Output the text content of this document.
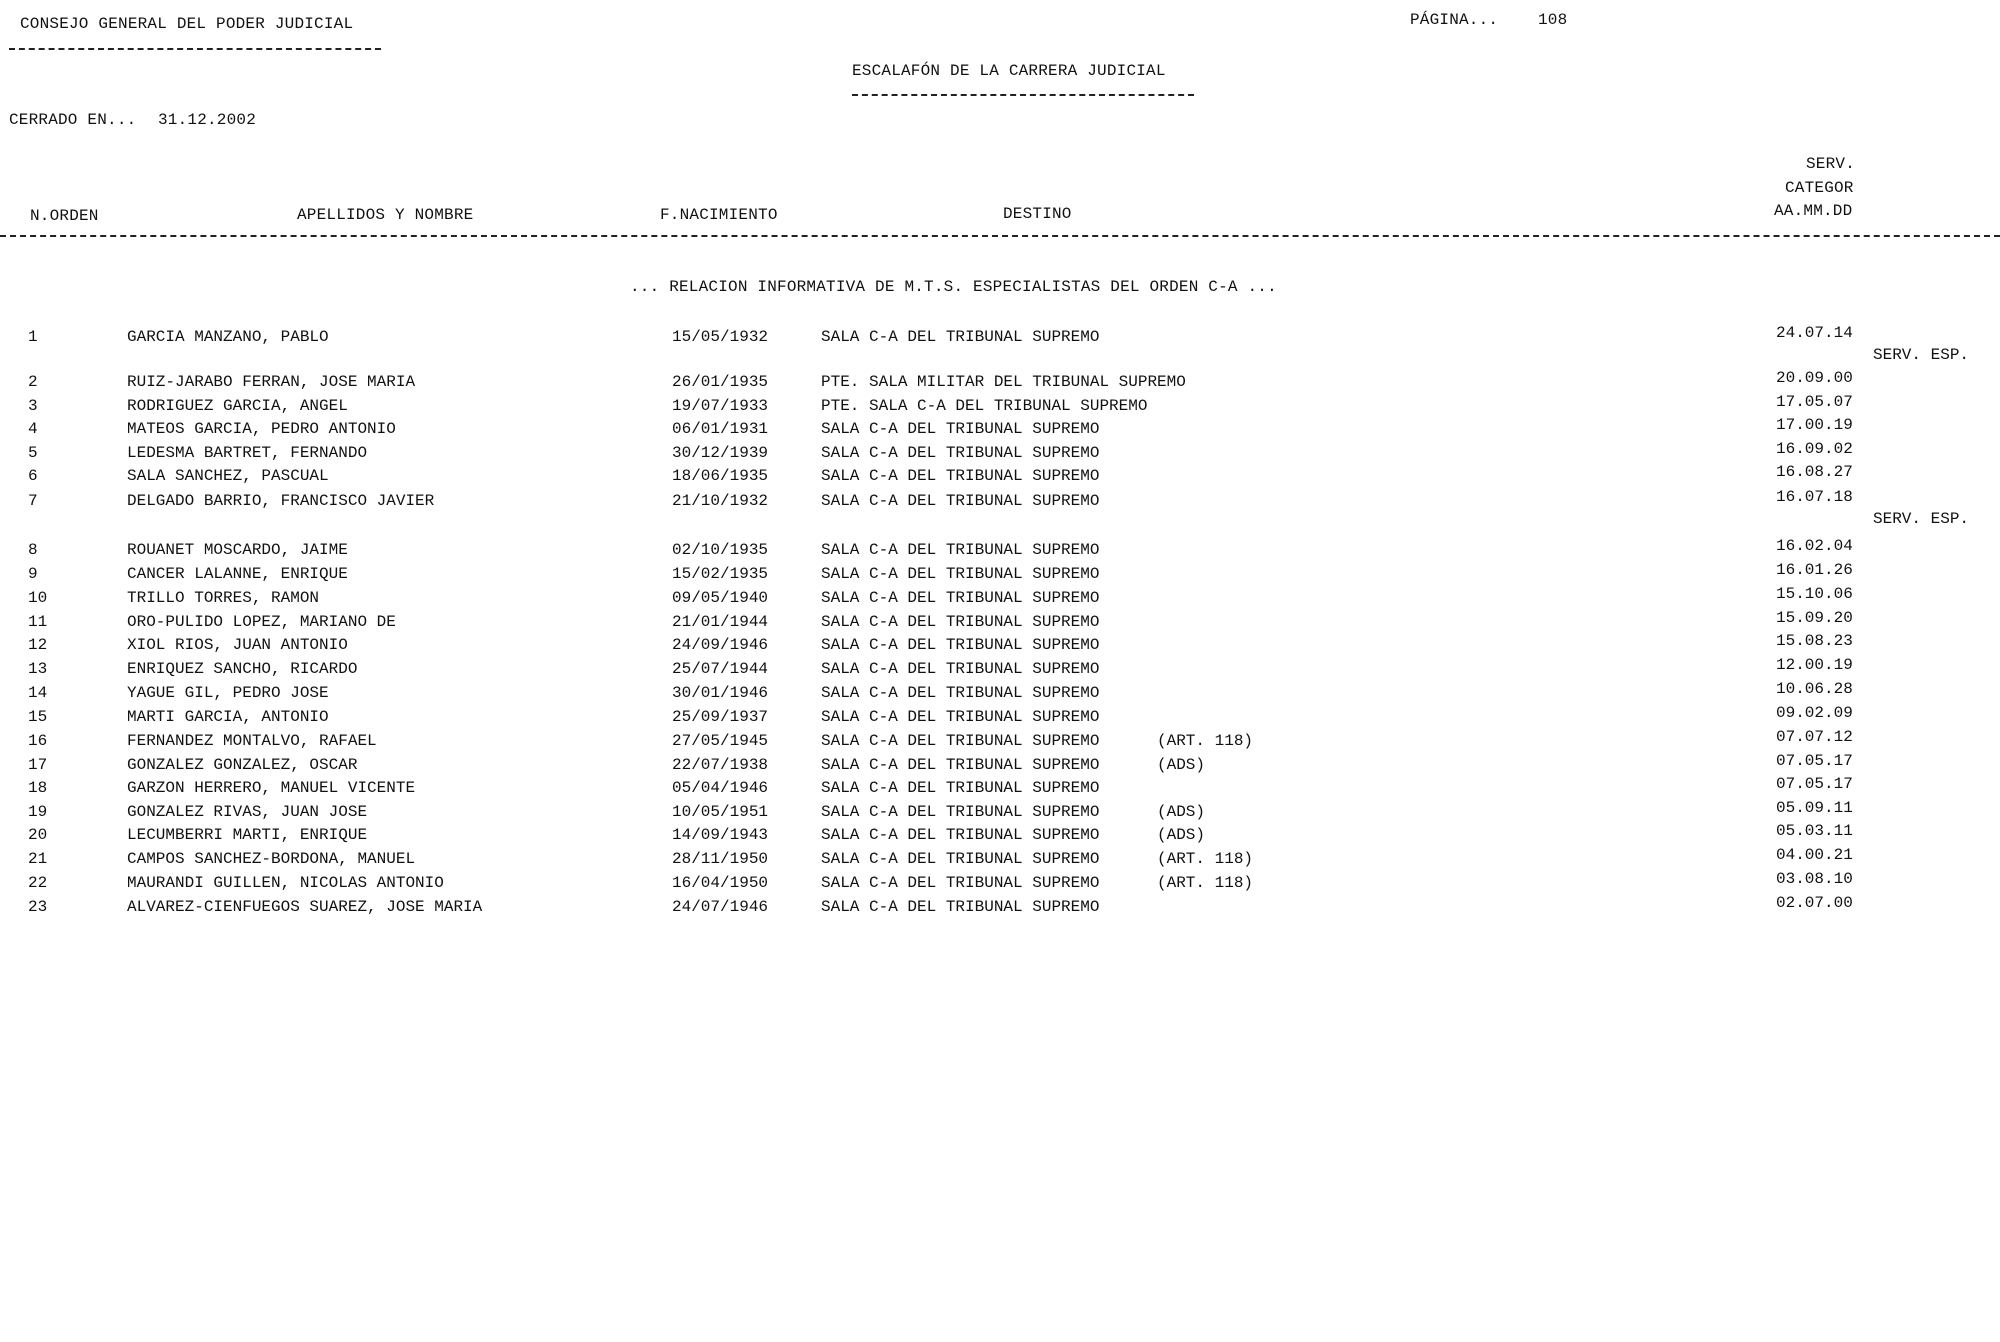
CONSEJO GENERAL DEL PODER JUDICIAL	PÁGINA... 108
ESCALAFÓN DE LA CARRERA JUDICIAL
CERRADO EN... 31.12.2002
SERV.
CATEGOR
AA.MM.DD
N.ORDEN	APELLIDOS Y NOMBRE	F.NACIMIENTO	DESTINO
... RELACION INFORMATIVA DE M.T.S. ESPECIALISTAS DEL ORDEN C-A ...
1	GARCIA MANZANO, PABLO	15/05/1932	SALA C-A DEL TRIBUNAL SUPREMO	24.07.14
SERV. ESP.
2	RUIZ-JARABO FERRAN, JOSE MARIA	26/01/1935	PTE. SALA MILITAR DEL TRIBUNAL SUPREMO	20.09.00
3	RODRIGUEZ GARCIA, ANGEL	19/07/1933	PTE. SALA C-A DEL TRIBUNAL SUPREMO	17.05.07
4	MATEOS GARCIA, PEDRO ANTONIO	06/01/1931	SALA C-A DEL TRIBUNAL SUPREMO	17.00.19
5	LEDESMA BARTRET, FERNANDO	30/12/1939	SALA C-A DEL TRIBUNAL SUPREMO	16.09.02
6	SALA SANCHEZ, PASCUAL	18/06/1935	SALA C-A DEL TRIBUNAL SUPREMO	16.08.27
7	DELGADO BARRIO, FRANCISCO JAVIER	21/10/1932	SALA C-A DEL TRIBUNAL SUPREMO	16.07.18
SERV. ESP.
8	ROUANET MOSCARDO, JAIME	02/10/1935	SALA C-A DEL TRIBUNAL SUPREMO	16.02.04
9	CANCER LALANNE, ENRIQUE	15/02/1935	SALA C-A DEL TRIBUNAL SUPREMO	16.01.26
10	TRILLO TORRES, RAMON	09/05/1940	SALA C-A DEL TRIBUNAL SUPREMO	15.10.06
11	ORO-PULIDO LOPEZ, MARIANO DE	21/01/1944	SALA C-A DEL TRIBUNAL SUPREMO	15.09.20
12	XIOL RIOS, JUAN ANTONIO	24/09/1946	SALA C-A DEL TRIBUNAL SUPREMO	15.08.23
13	ENRIQUEZ SANCHO, RICARDO	25/07/1944	SALA C-A DEL TRIBUNAL SUPREMO	12.00.19
14	YAGUE GIL, PEDRO JOSE	30/01/1946	SALA C-A DEL TRIBUNAL SUPREMO	10.06.28
15	MARTI GARCIA, ANTONIO	25/09/1937	SALA C-A DEL TRIBUNAL SUPREMO	09.02.09
16	FERNANDEZ MONTALVO, RAFAEL	27/05/1945	SALA C-A DEL TRIBUNAL SUPREMO	(ART. 118)	07.07.12
17	GONZALEZ GONZALEZ, OSCAR	22/07/1938	SALA C-A DEL TRIBUNAL SUPREMO	(ADS)	07.05.17
18	GARZON HERRERO, MANUEL VICENTE	05/04/1946	SALA C-A DEL TRIBUNAL SUPREMO	07.05.17
19	GONZALEZ RIVAS, JUAN JOSE	10/05/1951	SALA C-A DEL TRIBUNAL SUPREMO	(ADS)	05.09.11
20	LECUMBERRI MARTI, ENRIQUE	14/09/1943	SALA C-A DEL TRIBUNAL SUPREMO	(ADS)	05.03.11
21	CAMPOS SANCHEZ-BORDONA, MANUEL	28/11/1950	SALA C-A DEL TRIBUNAL SUPREMO	(ART. 118)	04.00.21
22	MAURANDI GUILLEN, NICOLAS ANTONIO	16/04/1950	SALA C-A DEL TRIBUNAL SUPREMO	(ART. 118)	03.08.10
23	ALVAREZ-CIENFUEGOS SUAREZ, JOSE MARIA	24/07/1946	SALA C-A DEL TRIBUNAL SUPREMO	02.07.00
